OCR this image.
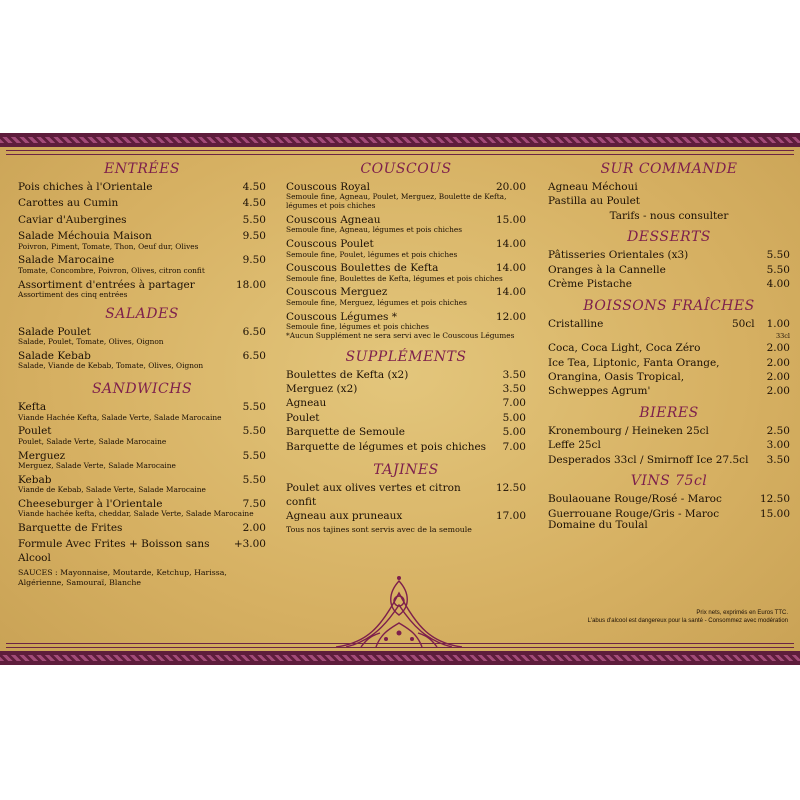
ENTRÉES
Pois chiches à l'Orientale	4.50
Carottes au Cumin	4.50
Caviar d'Aubergines	5.50
Salade Méchouia Maison	9.50
Poivron, Piment, Tomate, Thon, Oeuf dur, Olives
Salade Marocaine	9.50
Tomate, Concombre, Poivron, Olives, citron confit
Assortiment d'entrées à partager	18.00
Assortiment des cinq entrées
SALADES
Salade Poulet	6.50
Salade, Poulet, Tomate, Olives, Oignon
Salade Kebab	6.50
Salade, Viande de Kebab, Tomate, Olives, Oignon
SANDWICHS
Kefta	5.50
Viande Hachée Kefta, Salade Verte, Salade Marocaine
Poulet	5.50
Poulet, Salade Verte, Salade Marocaine
Merguez	5.50
Merguez, Salade Verte, Salade Marocaine
Kebab	5.50
Viande de Kebab, Salade Verte, Salade Marocaine
Cheeseburger à l'Orientale	7.50
Viande hachée kefta, cheddar, Salade Verte, Salade Marocaine
Barquette de Frites	2.00
Formule Avec Frites + Boisson sans Alcool
+3.00
SAUCES : Mayonnaise, Moutarde, Ketchup, Harissa, Algérienne, Samouraï, Blanche
COUSCOUS
Couscous Royal	20.00
Semoule fine, Agneau, Poulet, Merguez, Boulette de Kefta, légumes et pois chiches
Couscous Agneau	15.00
Semoule fine, Agneau, légumes et pois chiches
Couscous Poulet	14.00
Semoule fine, Poulet, légumes et pois chiches
Couscous Boulettes de Kefta	14.00
Semoule fine, Boulettes de Kefta, légumes et pois chiches
Couscous Merguez	14.00
Semoule fine, Merguez, légumes et pois chiches
Couscous Légumes *	12.00
Semoule fine, légumes et pois chiches
*Aucun Supplément ne sera servi avec le Couscous Légumes
SUPPLÉMENTS
Boulettes de Kefta (x2)	3.50
Merguez (x2)	3.50
Agneau	7.00
Poulet	5.00
Barquette de Semoule	5.00
Barquette de légumes et pois chiches 7.00
TAJINES
Poulet aux olives vertes et citron confit
12.50
Agneau aux pruneaux	17.00
Tous nos tajines sont servis avec de la semoule
SUR COMMANDE
Agneau Méchoui
Pastilla au Poulet
Tarifs - nous consulter
DESSERTS
Pâtisseries Orientales (x3)	5.50
Oranges à la Cannelle	5.50
Crème Pistache	4.00
BOISSONS FRAÎCHES
Cristalline	50cl 1.00
33cl
Coca, Coca Light, Coca Zéro	2.00
Ice Tea, Liptonic, Fanta Orange,	2.00
Orangina, Oasis Tropical,	2.00
Schweppes Agrum'	2.00
BIERES
Kronembourg / Heineken 25cl	2.50
Leffe 25cl	3.00
Desperados 33cl / Smirnoff Ice 27.5cl 3.50
VINS 75cl
Boulaouane Rouge/Rosé - Maroc	12.50
Guerrouane Rouge/Gris - Maroc	15.00
Domaine du Toulal
Prix nets, exprimés en Euros TTC.
L'abus d'alcool est dangereux pour la santé - Consommez avec modération
